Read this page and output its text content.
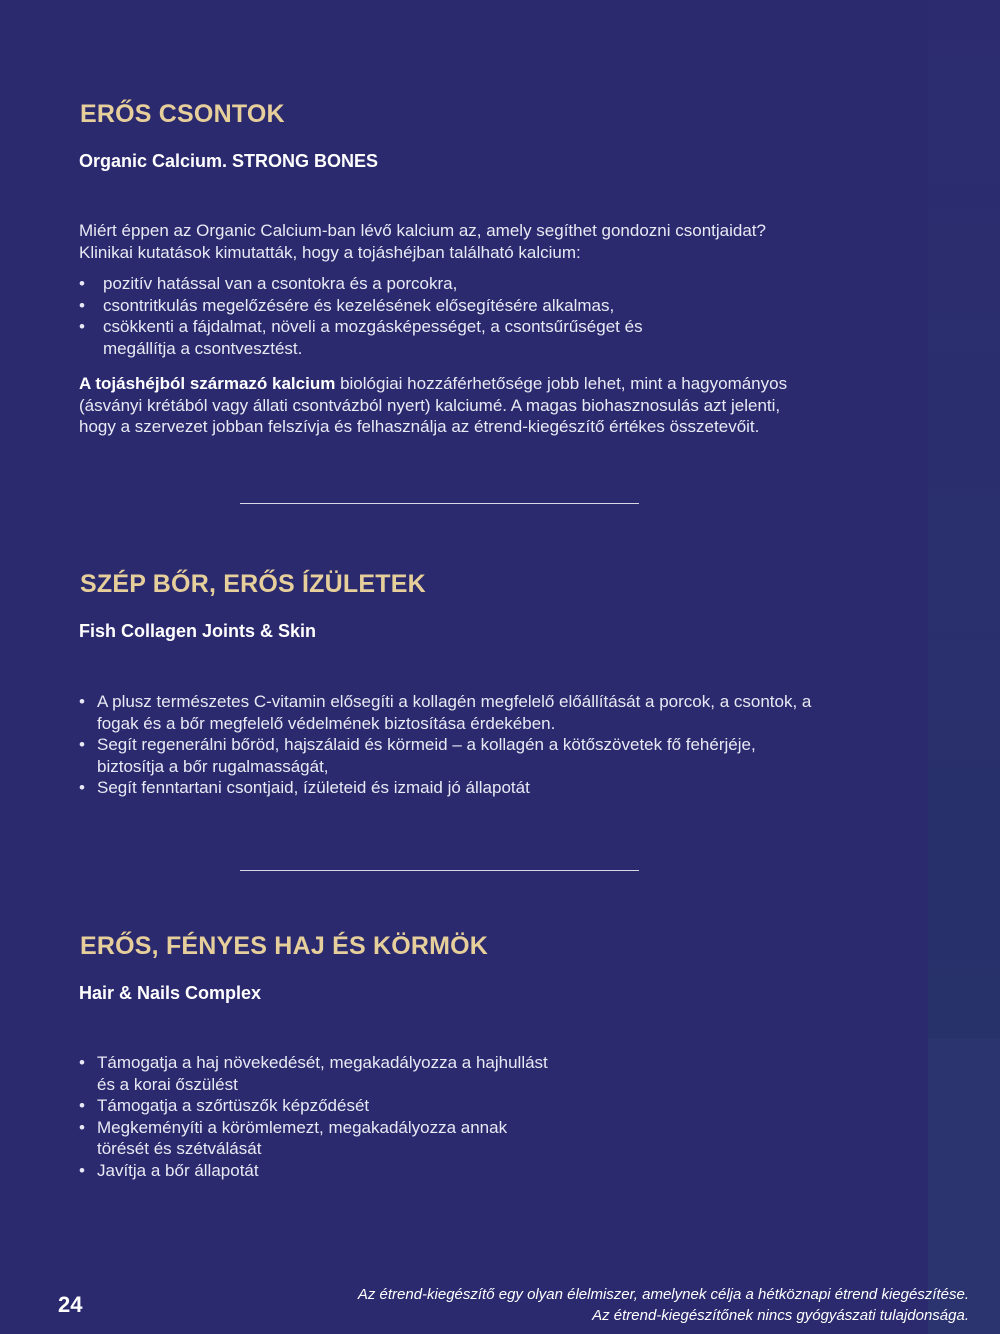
ERŐS CSONTOK
Organic Calcium. STRONG BONES
Miért éppen az Organic Calcium-ban lévő kalcium az, amely segíthet gondozni csontjaidat?
Klinikai kutatások kimutatták, hogy a tojáshéjban található kalcium:
• pozitív hatással van a csontokra és a porcokra,
• csontritkulás megelőzésére és kezelésének elősegítésére alkalmas,
• csökkenti a fájdalmat, növeli a mozgásképességet, a csontsűrűséget és megállítja a csontvesztést.
A tojáshéjból származó kalcium biológiai hozzáférhetősége jobb lehet, mint a hagyományos (ásványi krétából vagy állati csontvázból nyert) kalciumé. A magas biohasznosulás azt jelenti, hogy a szervezet jobban felszívja és felhasználja az étrend-kiegészítő értékes összetevőit.
SZÉP BŐR, ERŐS ÍZÜLETEK
Fish Collagen Joints & Skin
• A plusz természetes C-vitamin elősegíti a kollagén megfelelő előállítását a porcok, a csontok, a fogak és a bőr megfelelő védelmének biztosítása érdekében.
• Segít regenerálni bőröd, hajszálaid és körmeid – a kollagén a kötőszövetek fő fehérjéje, biztosítja a bőr rugalmasságát,
• Segít fenntartani csontjaid, ízületeid és izmaid jó állapotát
ERŐS, FÉNYES HAJ ÉS KÖRMÖK
Hair & Nails Complex
• Támogatja a haj növekedését, megakadályozza a hajhullást és a korai őszülést
• Támogatja a szőrtüszők képződését
• Megkeményíti a körömlemezt, megakadályozza annak törését és szétválását
• Javítja a bőr állapotát
24	Az étrend-kiegészítő egy olyan élelmiszer, amelynek célja a hétköznapi étrend kiegészítése.
Az étrend-kiegészítőnek nincs gyógyászati tulajdonsága.
